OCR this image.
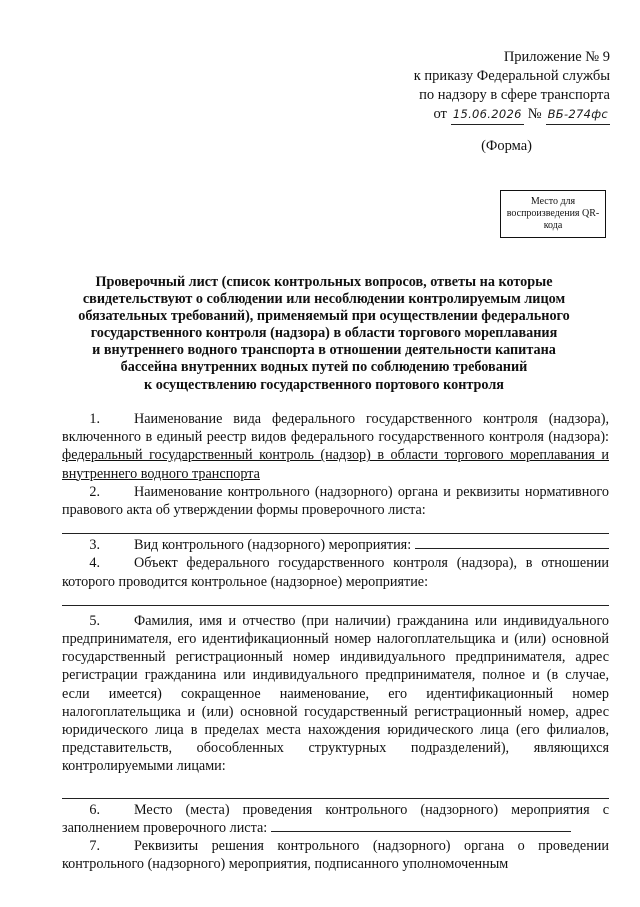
Приложение № 9
к приказу Федеральной службы
по надзору в сфере транспорта
от 15.06.2026 № ВБ-274фс
(Форма)
Место для воспроизведения QR-кода
Проверочный лист (список контрольных вопросов, ответы на которые
свидетельствуют о соблюдении или несоблюдении контролируемым лицом
обязательных требований), применяемый при осуществлении федерального
государственного контроля (надзора) в области торгового мореплавания
и внутреннего водного транспорта в отношении деятельности капитана
бассейна внутренних водных путей по соблюдению требований
к осуществлению государственного портового контроля

1. Наименование вида федерального государственного контроля (надзора), включенного в единый реестр видов федерального государственного контроля (надзора): федеральный государственный контроль (надзор) в области торгового мореплавания и внутреннего водного транспорта

2. Наименование контрольного (надзорного) органа и реквизиты нормативного правового акта об утверждении формы проверочного листа:

3. Вид контрольного (надзорного) мероприятия:

4. Объект федерального государственного контроля (надзора), в отношении которого проводится контрольное (надзорное) мероприятие:

5. Фамилия, имя и отчество (при наличии) гражданина или индивидуального предпринимателя, его идентификационный номер налогоплательщика и (или) основной государственный регистрационный номер индивидуального предпринимателя, адрес регистрации гражданина или индивидуального предпринимателя, полное и (в случае, если имеется) сокращенное наименование, его идентификационный номер налогоплательщика и (или) основной государственный регистрационный номер, адрес юридического лица в пределах места нахождения юридического лица (его филиалов, представительств, обособленных структурных подразделений), являющихся контролируемыми лицами:

6. Место (места) проведения контрольного (надзорного) мероприятия с заполнением проверочного листа:

7. Реквизиты решения контрольного (надзорного) органа о проведении контрольного (надзорного) мероприятия, подписанного уполномоченным
